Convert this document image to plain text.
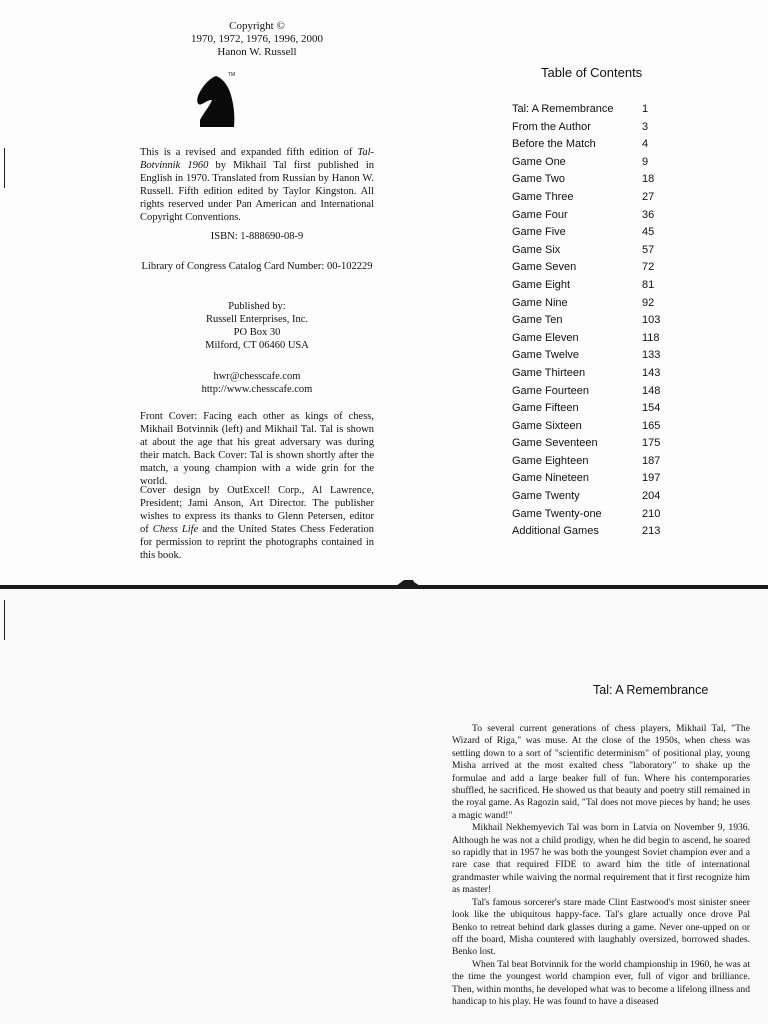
Copyright ©
1970, 1972, 1976, 1996, 2000
Hanon W. Russell
TM
This is a revised and expanded fifth edition of Tal-Botvinnik 1960 by Mikhail Tal first published in English in 1970. Translated from Russian by Hanon W. Russell. Fifth edition edited by Taylor Kingston. All rights reserved under Pan American and International Copyright Conventions.
ISBN: 1-888690-08-9
Library of Congress Catalog Card Number: 00-102229
Published by:
Russell Enterprises, Inc.
PO Box 30
Milford, CT 06460 USA
hwr@chesscafe.com
http://www.chesscafe.com
Front Cover: Facing each other as kings of chess, Mikhail Botvinnik (left) and Mikhail Tal. Tal is shown at about the age that his great adversary was during their match. Back Cover: Tal is shown shortly after the match, a young champion with a wide grin for the world.
Cover design by OutExcel! Corp., Al Lawrence, President; Jami Anson, Art Director. The publisher wishes to express its thanks to Glenn Petersen, editor of Chess Life and the United States Chess Federation for permission to reprint the photographs contained in this book.
Table of Contents
Tal: A Remembrance	1
From the Author	3
Before the Match	4
Game One	9
Game Two	18
Game Three	27
Game Four	36
Game Five	45
Game Six	57
Game Seven	72
Game Eight	81
Game Nine	92
Game Ten	103
Game Eleven	118
Game Twelve	133
Game Thirteen	143
Game Fourteen	148
Game Fifteen	154
Game Sixteen	165
Game Seventeen	175
Game Eighteen	187
Game Nineteen	197
Game Twenty	204
Game Twenty-one	210
Additional Games	213
Tal: A Remembrance

To several current generations of chess players, Mikhail Tal, "The Wizard of Riga," was muse. At the close of the 1950s, when chess was settling down to a sort of "scientific determinism" of positional play, young Misha arrived at the most exalted chess "laboratory" to shake up the formulae and add a large beaker full of fun. Where his contemporaries shuffled, he sacrificed. He showed us that beauty and poetry still remained in the royal game. As Ragozin said, "Tal does not move pieces by hand; he uses a magic wand!"

Mikhail Nekhemyevich Tal was born in Latvia on November 9, 1936. Although he was not a child prodigy, when he did begin to ascend, he soared so rapidly that in 1957 he was both the youngest Soviet champion ever and a rare case that required FIDE to award him the title of international grandmaster while waiving the normal requirement that it first recognize him as master!

Tal's famous sorcerer's stare made Clint Eastwood's most sinister sneer look like the ubiquitous happy-face. Tal's glare actually once drove Pal Benko to retreat behind dark glasses during a game. Never one-upped on or off the board, Misha countered with laughably oversized, borrowed shades. Benko lost.

When Tal beat Botvinnik for the world championship in 1960, he was at the time the youngest world champion ever, full of vigor and brilliance. Then, within months, he developed what was to become a lifelong illness and handicap to his play. He was found to have a diseased
